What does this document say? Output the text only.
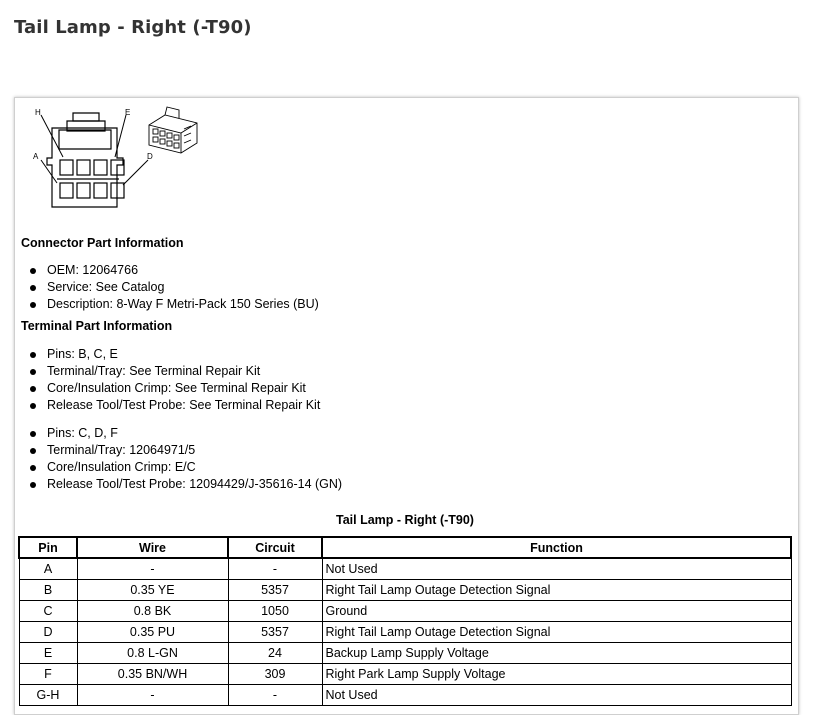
Tail Lamp - Right (-T90)
H	E
A	D
Connector Part Information
OEM: 12064766
Service: See Catalog
Description: 8-Way F Metri-Pack 150 Series (BU)
Terminal Part Information
Pins: B, C, E
Terminal/Tray: See Terminal Repair Kit
Core/Insulation Crimp: See Terminal Repair Kit
Release Tool/Test Probe: See Terminal Repair Kit
Pins: C, D, F
Terminal/Tray: 12064971/5
Core/Insulation Crimp: E/C
Release Tool/Test Probe: 12094429/J-35616-14 (GN)
Tail Lamp - Right (-T90)
Pin	Wire	Circuit	Function
A	-	-	Not Used
B	0.35 YE	5357	Right Tail Lamp Outage Detection Signal
C	0.8 BK	1050	Ground
D	0.35 PU	5357	Right Tail Lamp Outage Detection Signal
E	0.8 L-GN	24	Backup Lamp Supply Voltage
F	0.35 BN/WH	309	Right Park Lamp Supply Voltage
G-H	-	-	Not Used
